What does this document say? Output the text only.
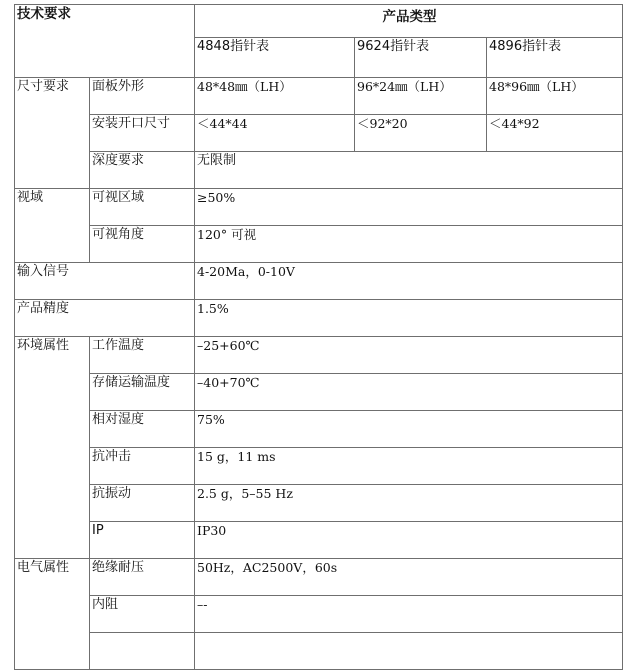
技术要求		产品类型		
		4848指针表	9624指针表	4896指针表
尺寸要求	面板外形	48*48㎜（LH）	96*24㎜（LH）	48*96㎜（LH）
	安装开口尺寸	＜44*44	＜92*20	＜44*92
	深度要求	无限制		
视域	可视区域	≥50%		
	可视角度	120° 可视		
输入信号		4-20Ma，0-10V		
产品精度		1.5%		
环境属性	工作温度	–25+60℃		
	存储运输温度	–40+70℃		
	相对湿度	75%		
	抗冲击	15 g，11 ms		
	抗振动	2.5 g，5–55 Hz		
	IP	IP30		
电气属性	绝缘耐压	50Hz，AC2500V，60s		
	内阻	–-		
